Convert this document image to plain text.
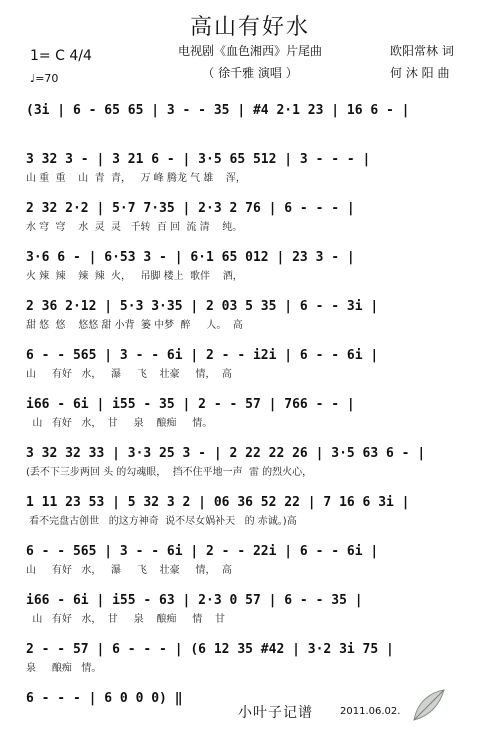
高山有好水
1= C 4/4
♩=70
电视剧《血色湘西》片尾曲
（ 徐千雅 演唱 ）
欧阳常林 词
何 沐 阳 曲
(3i | 6 - 65 65 | 3 - - 35 | #4 2·1 23 | 16 6 - |
3 32 3 - | 3 21 6 - | 3·5 65 512 | 3 - - - |
山 重  重    山  青  青，   万 峰 腾龙 气 雄    浑，
2 32 2·2 | 5·7 7·35 | 2·3 2 76 | 6 - - - |
水 穹  穹    水  灵  灵   千转  百 回  流 清    纯。
3·6 6 - | 6·53 3 - | 6·1 65 012 | 23 3 - |
火 辣  辣    辣  辣  火，   吊脚 楼上  歌伴    酒，
2 36 2·12 | 5·3 3·35 | 2 03 5 35 | 6 - - 3i |
甜 悠  悠    悠悠 甜 小背  篓 中梦  醉     人。  高
6 - - 565 | 3 - - 6i | 2 - - i2i | 6 - - 6i |
山     有好   水，   瀑     飞    壮豪     情，  高
i66 - 6i | i55 - 35 | 2 - - 57 | 766 - - |
山   有好   水，  甘     泉    酿痴     情。
3 32 32 33 | 3·3 25 3 - | 2 22 22 26 | 3·5 63 6 - |
(丢不下三步两回 头 的勾魂眼，  挡不住平地一声  雷 的烈火心，
1 11 23 53 | 5 32 3 2 | 06 36 52 22 | 7 16 6 3i |
看不完盘古创世   的这方神奇  说不尽女娲补天   的 赤诚。)高
6 - - 565 | 3 - - 6i | 2 - - 22i | 6 - - 6i |
山     有好   水，   瀑     飞    壮豪     情，  高
i66 - 6i | i55 - 63 | 2·3 0 57 | 6 - - 35 |
山   有好   水，  甘     泉    酿痴     情    甘
2 - - 57 | 6 - - - | (6 12 35 #42 | 3·2 3i 75 |
泉     酿痴   情。
6 - - - | 6 0 0 0) ‖
小叶子记谱	2011.06.02.
